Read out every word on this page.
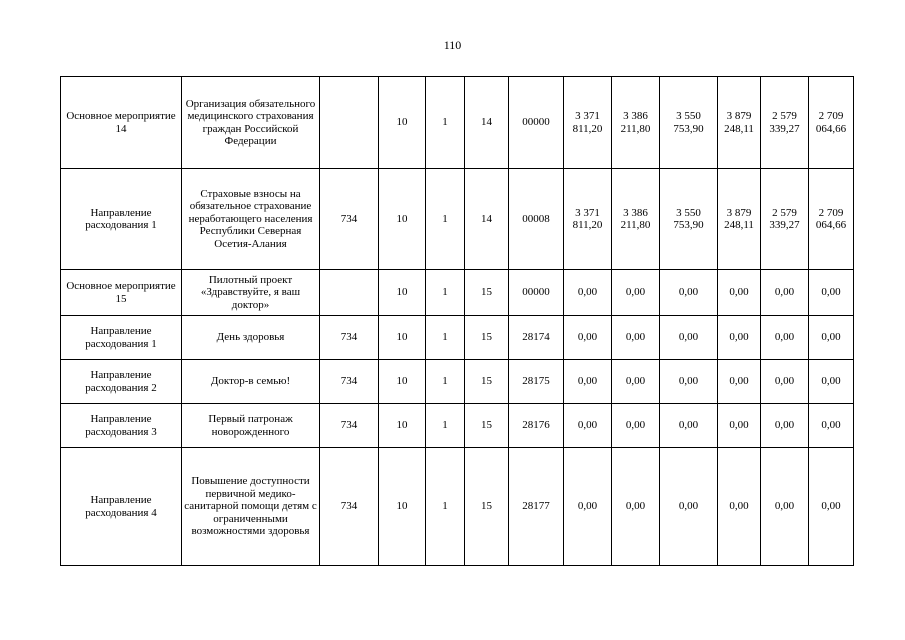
110
Основное мероприятие 14	Организация обязательного медицинского страхования граждан Российской Федерации		10	1	14	00000	3 371 811,20	3 386 211,80	3 550 753,90	3 879 248,11	2 579 339,27	2 709 064,66
Направление расходования 1	Страховые взносы на обязательное страхование неработающего населения Республики Северная Осетия-Алания	734	10	1	14	00008	3 371 811,20	3 386 211,80	3 550 753,90	3 879 248,11	2 579 339,27	2 709 064,66
Основное мероприятие 15	Пилотный проект «Здравствуйте, я ваш доктор»		10	1	15	00000	0,00	0,00	0,00	0,00	0,00	0,00
Направление расходования 1	День здоровья	734	10	1	15	28174	0,00	0,00	0,00	0,00	0,00	0,00
Направление расходования 2	Доктор-в семью!	734	10	1	15	28175	0,00	0,00	0,00	0,00	0,00	0,00
Направление расходования 3	Первый патронаж новорожденного	734	10	1	15	28176	0,00	0,00	0,00	0,00	0,00	0,00
Направление расходования 4	Повышение доступности первичной медико-санитарной помощи детям с ограниченными возможностями здоровья	734	10	1	15	28177	0,00	0,00	0,00	0,00	0,00	0,00
